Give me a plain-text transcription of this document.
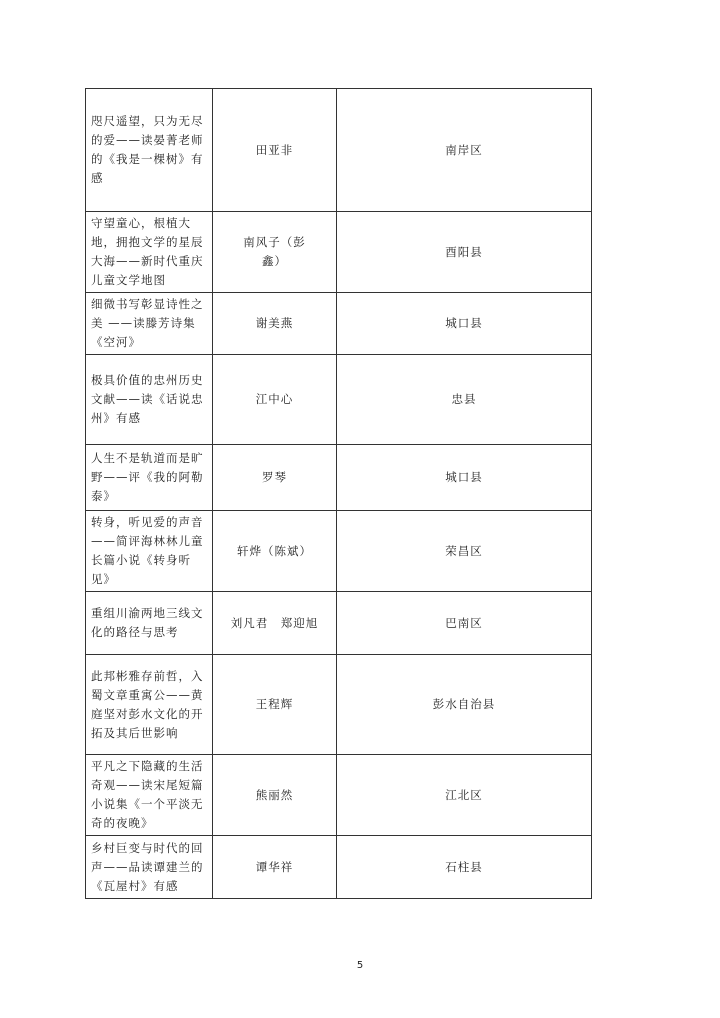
咫尺遥望，只为无尽的爱——读晏菁老师的《我是一棵树》有感	田亚非	南岸区
守望童心，根植大地，拥抱文学的星辰大海——新时代重庆儿童文学地图	南风子（彭鑫）	酉阳县
细微书写彰显诗性之美 ——读滕芳诗集《空河》	谢美燕	城口县
极具价值的忠州历史文献——读《话说忠州》有感	江中心	忠县
人生不是轨道而是旷野——评《我的阿勒泰》	罗琴	城口县
转身，听见爱的声音——简评海林林儿童长篇小说《转身听见》	轩烨（陈斌）	荣昌区
重组川渝两地三线文化的路径与思考	刘凡君　郑迎旭	巴南区
此邦彬雅存前哲，入蜀文章重寓公——黄庭坚对彭水文化的开拓及其后世影响	王程辉	彭水自治县
平凡之下隐藏的生活奇观——读宋尾短篇小说集《一个平淡无奇的夜晚》	熊丽然	江北区
乡村巨变与时代的回声——品读谭建兰的《瓦屋村》有感	谭华祥	石柱县
5
